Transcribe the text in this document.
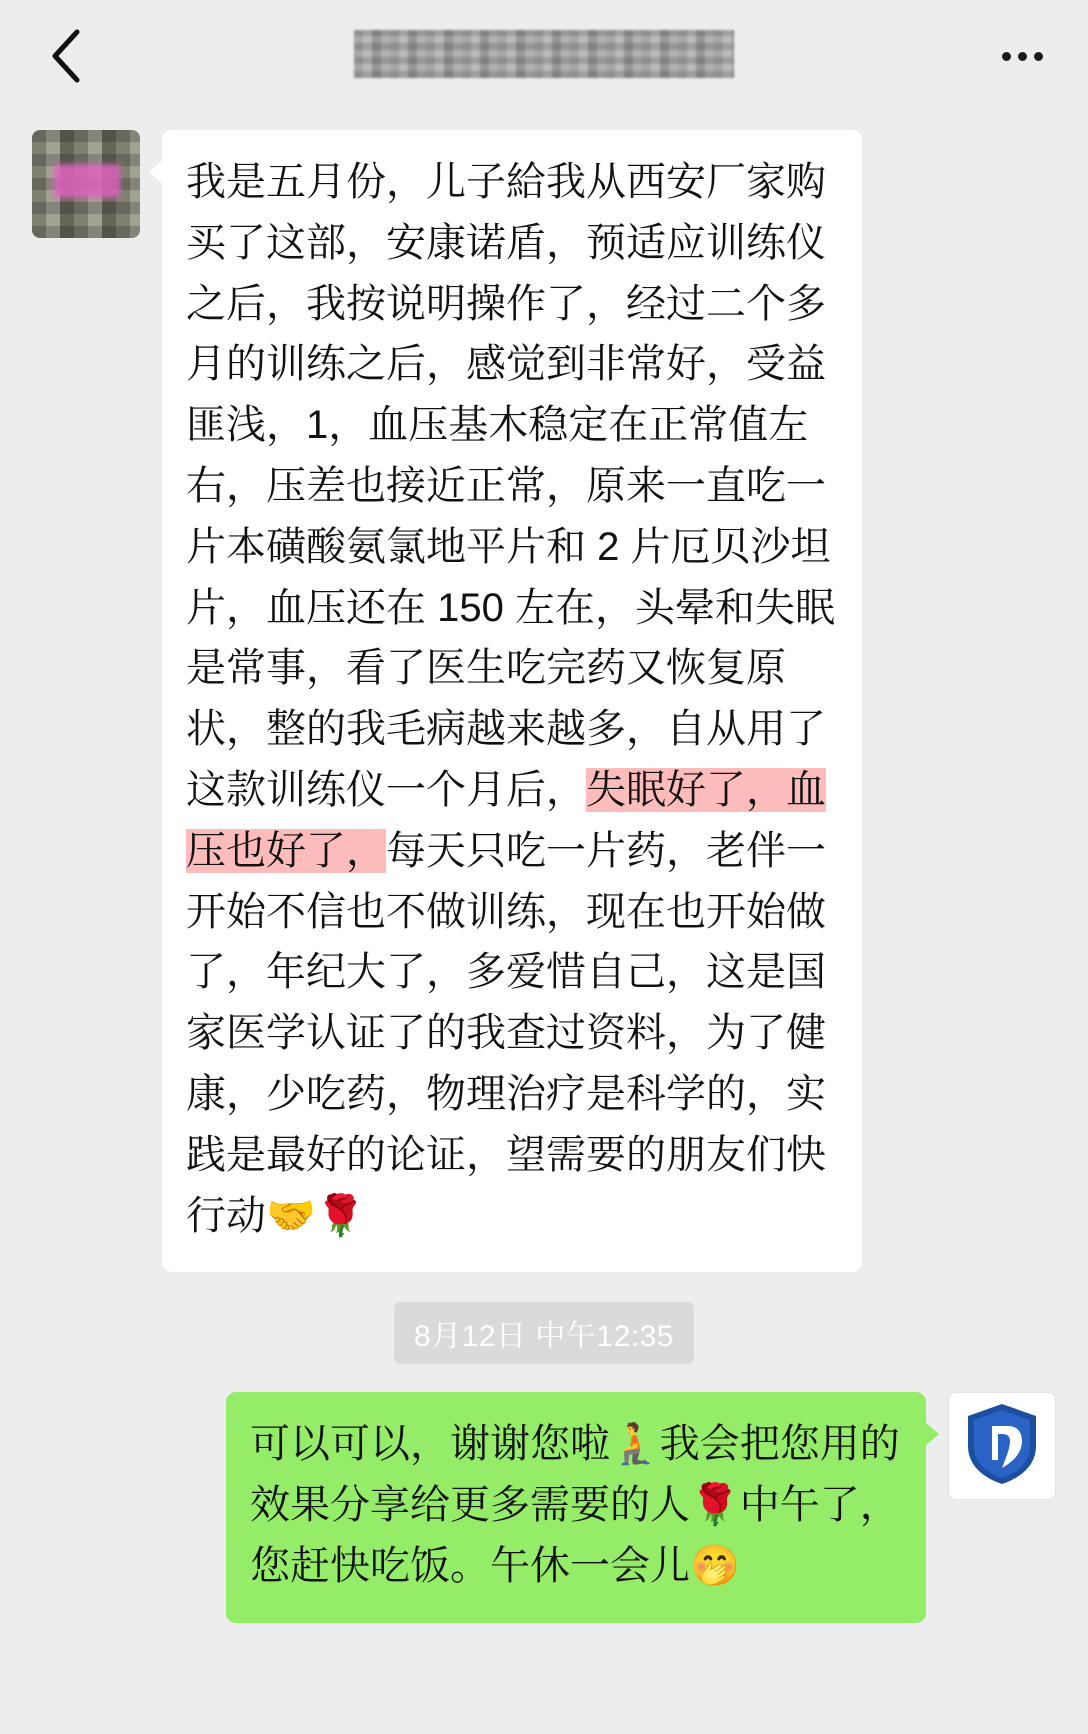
我是五月份，儿子給我从西安厂家购买了这部，安康诺盾，预适应训练仪之后，我按说明操作了，经过二个多月的训练之后，感觉到非常好，受益匪浅，1，血压基木稳定在正常值左右，压差也接近正常，原来一直吃一片本磺酸氨氯地平片和 2 片厄贝沙坦片，血压还在 150 左在，头晕和失眠是常事，看了医生吃完药又恢复原状，整的我毛病越来越多，自从用了这款训练仪一个月后，失眠好了，血压也好了，每天只吃一片药，老伴一开始不信也不做训练，现在也开始做了，年纪大了，多爱惜自己，这是国家医学认证了的我查过资料，为了健康，少吃药，物理治疗是科学的，实践是最好的论证，望需要的朋友们快行动🤝🌹
8月12日 中午12:35
可以可以，谢谢您啦🧎我会把您用的效果分享给更多需要的人🌹中午了，您赶快吃饭。午休一会儿🤭
